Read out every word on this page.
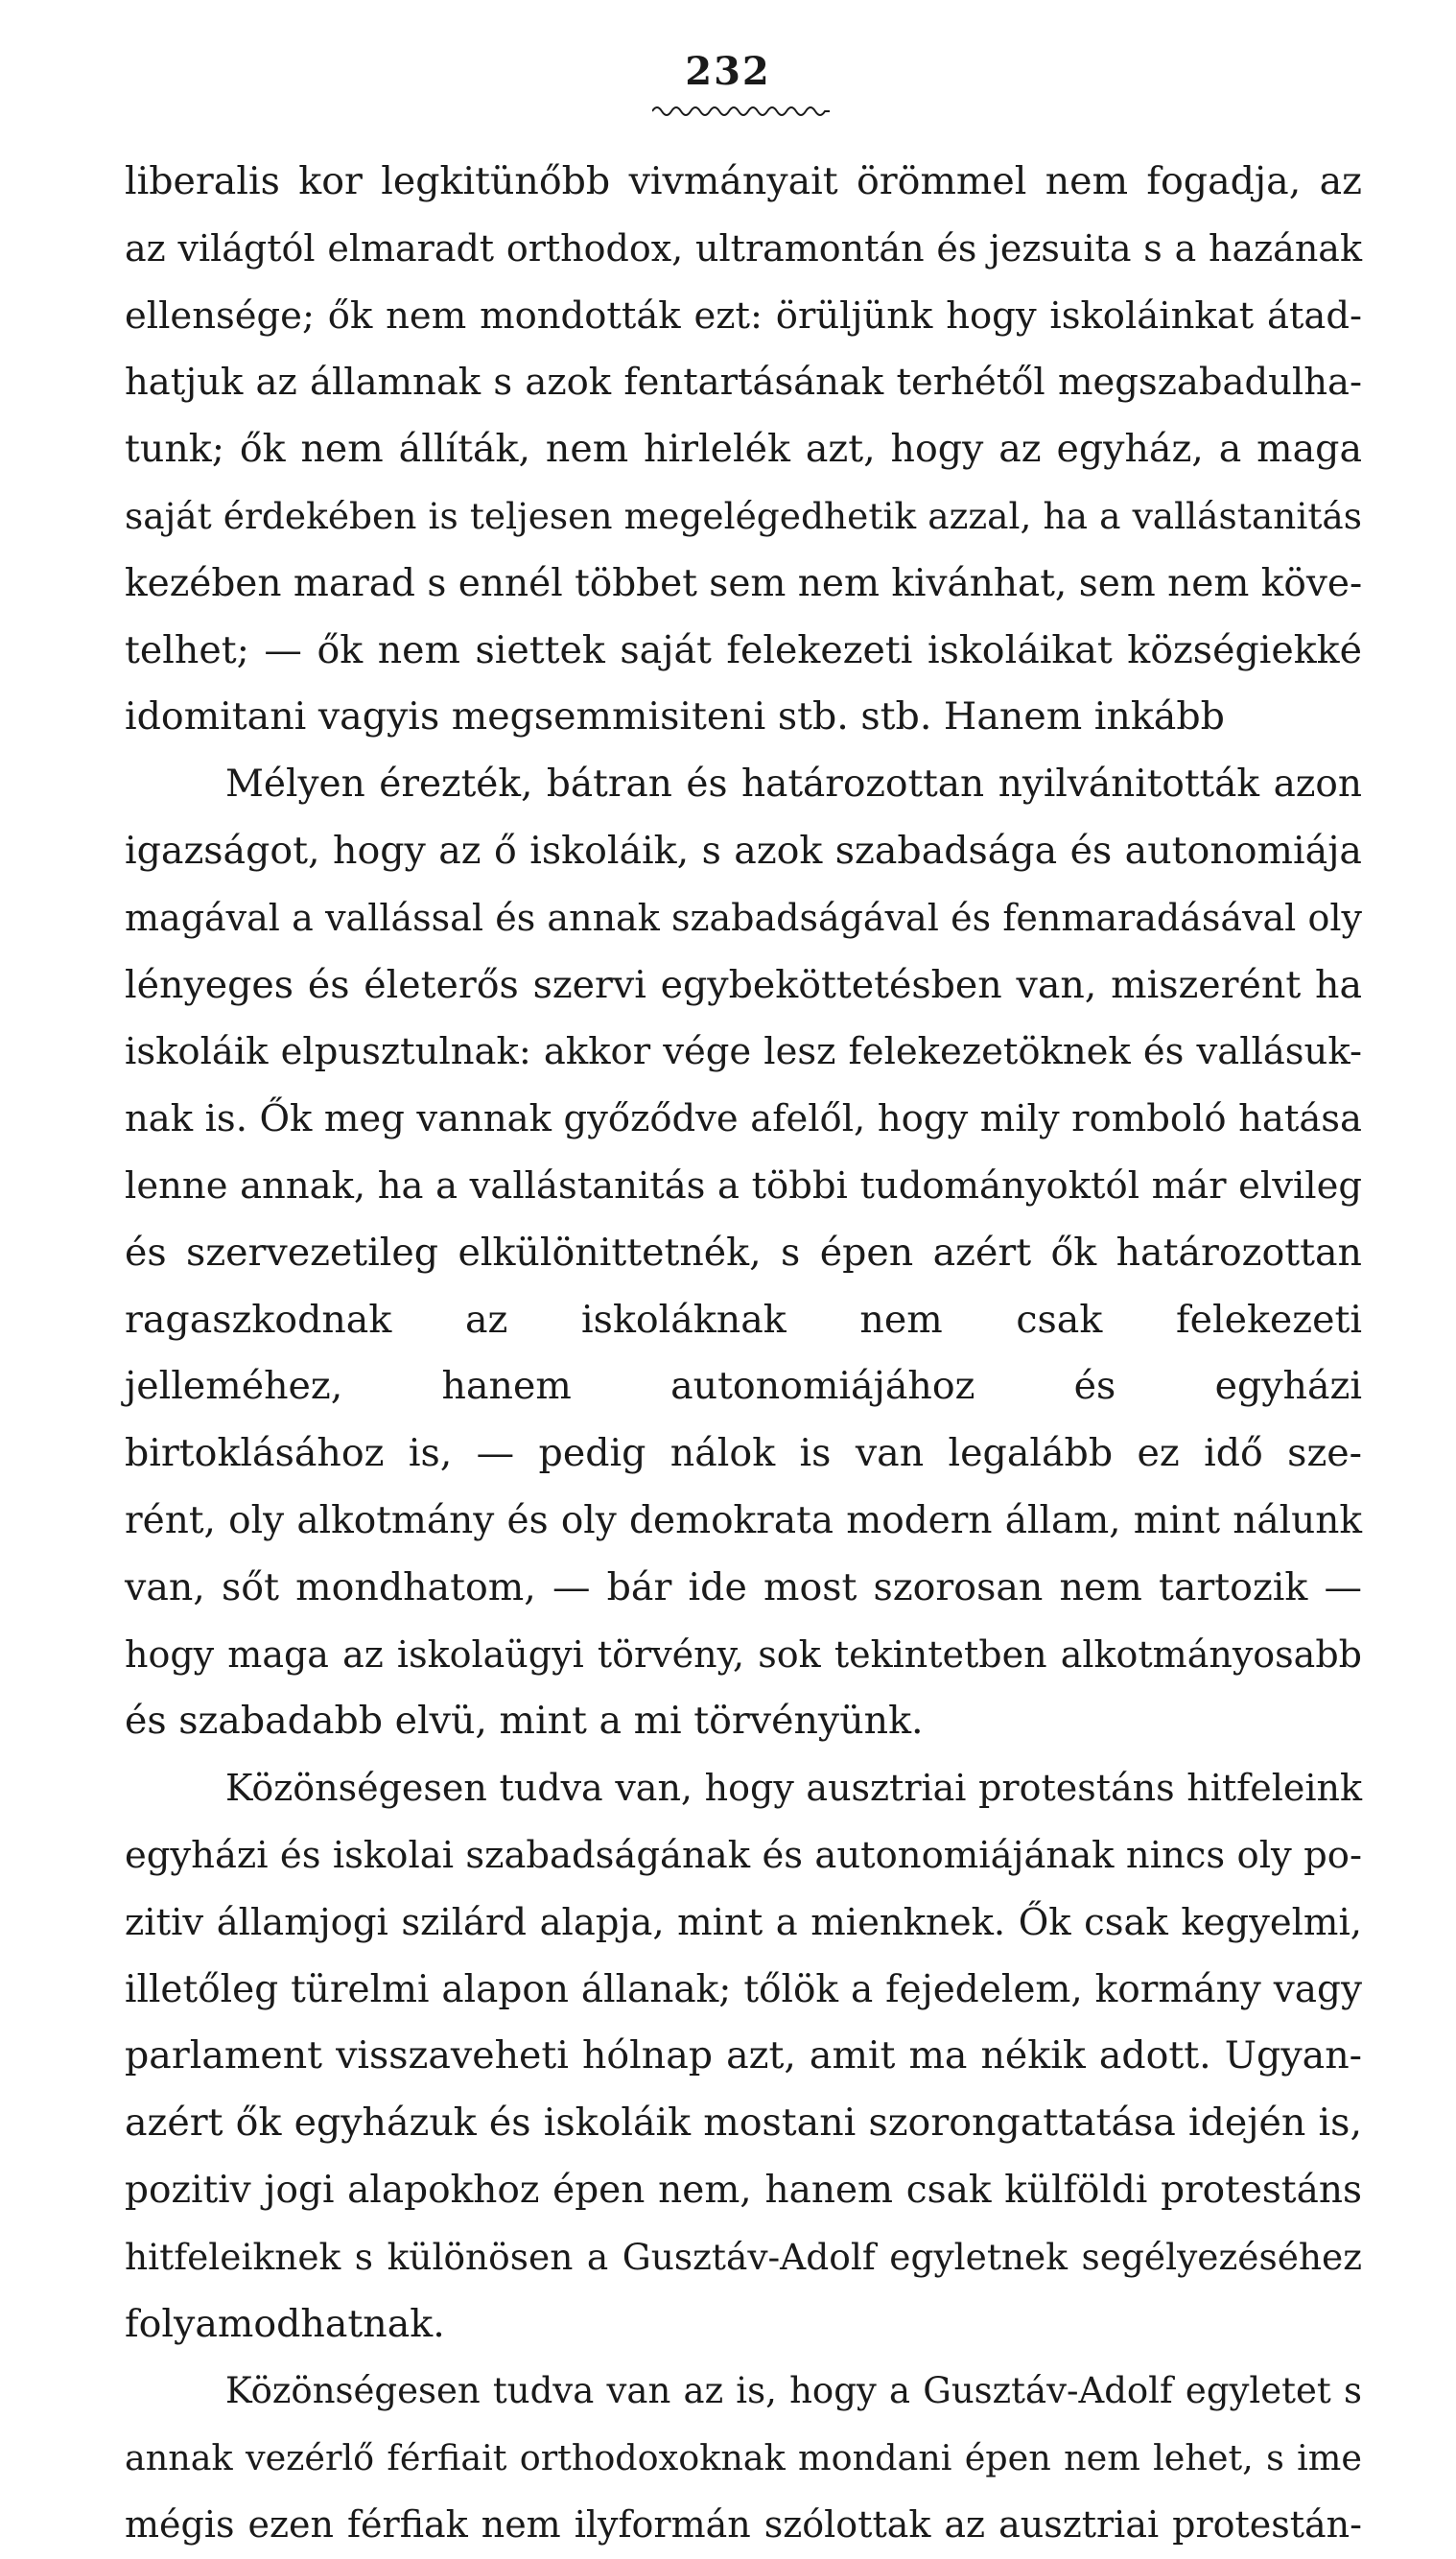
232
liberalis kor legkitünőbb vivmányait örömmel nem fogadja, az
az világtól elmaradt orthodox, ultramontán és jezsuita s a hazának
ellensége; ők nem mondották ezt: örüljünk hogy iskoláinkat átad-
hatjuk az államnak s azok fentartásának terhétől megszabadulha-
tunk; ők nem állíták, nem hirlelék azt, hogy az egyház, a maga
saját érdekében is teljesen megelégedhetik azzal, ha a vallástanitás
kezében marad s ennél többet sem nem kivánhat, sem nem köve-
telhet; — ők nem siettek saját felekezeti iskoláikat községiekké
idomitani vagyis megsemmisiteni stb. stb. Hanem inkább
Mélyen érezték, bátran és határozottan nyilvánitották azon
igazságot, hogy az ő iskoláik, s azok szabadsága és autonomiája
magával a vallással és annak szabadságával és fenmaradásával oly
lényeges és életerős szervi egybeköttetésben van, miszerént ha
iskoláik elpusztulnak: akkor vége lesz felekezetöknek és vallásuk-
nak is. Ők meg vannak győződve afelől, hogy mily romboló hatása
lenne annak, ha a vallástanitás a többi tudományoktól már elvileg
és szervezetileg elkülönittetnék, s épen azért ők határozottan
ragaszkodnak az iskoláknak nem csak felekezeti
jelleméhez, hanem autonomiájához és egyházi
birtoklásához is, — pedig nálok is van legalább ez idő sze-
rént, oly alkotmány és oly demokrata modern állam, mint nálunk
van, sőt mondhatom, — bár ide most szorosan nem tartozik —
hogy maga az iskolaügyi törvény, sok tekintetben alkotmányosabb
és szabadabb elvü, mint a mi törvényünk.
Közönségesen tudva van, hogy ausztriai protestáns hitfeleink
egyházi és iskolai szabadságának és autonomiájának nincs oly po-
zitiv államjogi szilárd alapja, mint a mienknek. Ők csak kegyelmi,
illetőleg türelmi alapon állanak; tőlök a fejedelem, kormány vagy
parlament visszaveheti hólnap azt, amit ma nékik adott. Ugyan-
azért ők egyházuk és iskoláik mostani szorongattatása idején is,
pozitiv jogi alapokhoz épen nem, hanem csak külföldi protestáns
hitfeleiknek s különösen a Gusztáv-Adolf egyletnek segélyezéséhez
folyamodhatnak.
Közönségesen tudva van az is, hogy a Gusztáv-Adolf egyletet s
annak vezérlő férfiait orthodoxoknak mondani épen nem lehet, s ime
mégis ezen férfiak nem ilyformán szólottak az ausztriai protestán-
